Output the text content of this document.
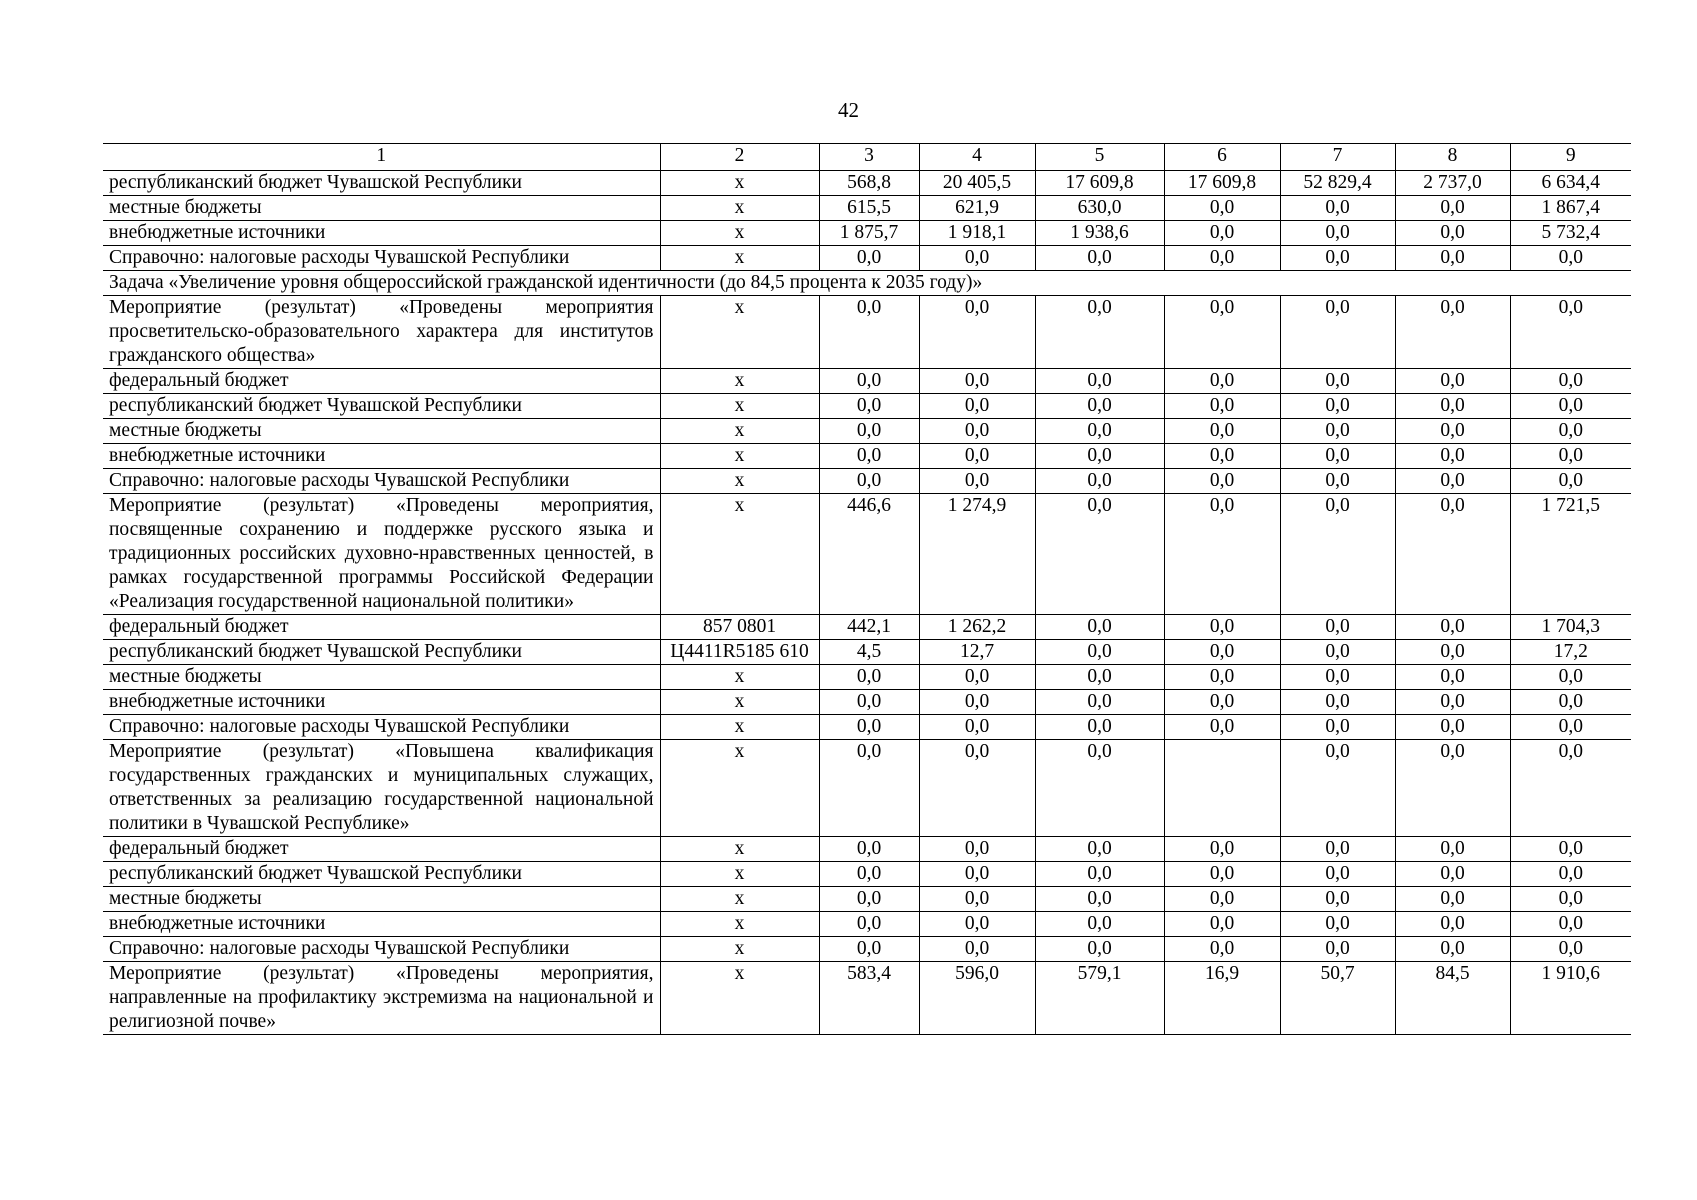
42
1	2	3	4	5	6	7	8	9
республиканский бюджет Чувашской Республики	x	568,8	20 405,5	17 609,8	17 609,8	52 829,4	2 737,0	6 634,4
местные бюджеты	x	615,5	621,9	630,0	0,0	0,0	0,0	1 867,4
внебюджетные источники	x	1 875,7	1 918,1	1 938,6	0,0	0,0	0,0	5 732,4
Справочно: налоговые расходы Чувашской Республики	x	0,0	0,0	0,0	0,0	0,0	0,0	0,0
Задача «Увеличение уровня общероссийской гражданской идентичности (до 84,5 процента к 2035 году)»								
Мероприятие (результат) «Проведены мероприятия просветительско-образовательного характера для институтов гражданского общества»	x	0,0	0,0	0,0	0,0	0,0	0,0	0,0
федеральный бюджет	x	0,0	0,0	0,0	0,0	0,0	0,0	0,0
республиканский бюджет Чувашской Республики	x	0,0	0,0	0,0	0,0	0,0	0,0	0,0
местные бюджеты	x	0,0	0,0	0,0	0,0	0,0	0,0	0,0
внебюджетные источники	x	0,0	0,0	0,0	0,0	0,0	0,0	0,0
Справочно: налоговые расходы Чувашской Республики	x	0,0	0,0	0,0	0,0	0,0	0,0	0,0
Мероприятие (результат) «Проведены мероприятия, посвященные сохранению и поддержке русского языка и традиционных российских духовно-нравственных ценностей, в рамках государственной программы Российской Федерации «Реализация государственной национальной политики»	x	446,6	1 274,9	0,0	0,0	0,0	0,0	1 721,5
федеральный бюджет	857 0801	442,1	1 262,2	0,0	0,0	0,0	0,0	1 704,3
республиканский бюджет Чувашской Республики	Ц4411R5185 610	4,5	12,7	0,0	0,0	0,0	0,0	17,2
местные бюджеты	x	0,0	0,0	0,0	0,0	0,0	0,0	0,0
внебюджетные источники	x	0,0	0,0	0,0	0,0	0,0	0,0	0,0
Справочно: налоговые расходы Чувашской Республики	x	0,0	0,0	0,0	0,0	0,0	0,0	0,0
Мероприятие (результат) «Повышена квалификация государственных гражданских и муниципальных служащих, ответственных за реализацию государственной национальной политики в Чувашской Республике»	x	0,0	0,0	0,0		0,0	0,0	0,0
федеральный бюджет	x	0,0	0,0	0,0	0,0	0,0	0,0	0,0
республиканский бюджет Чувашской Республики	x	0,0	0,0	0,0	0,0	0,0	0,0	0,0
местные бюджеты	x	0,0	0,0	0,0	0,0	0,0	0,0	0,0
внебюджетные источники	x	0,0	0,0	0,0	0,0	0,0	0,0	0,0
Справочно: налоговые расходы Чувашской Республики	x	0,0	0,0	0,0	0,0	0,0	0,0	0,0
Мероприятие (результат) «Проведены мероприятия, направленные на профилактику экстремизма на национальной и религиозной почве»	x	583,4	596,0	579,1	16,9	50,7	84,5	1 910,6
